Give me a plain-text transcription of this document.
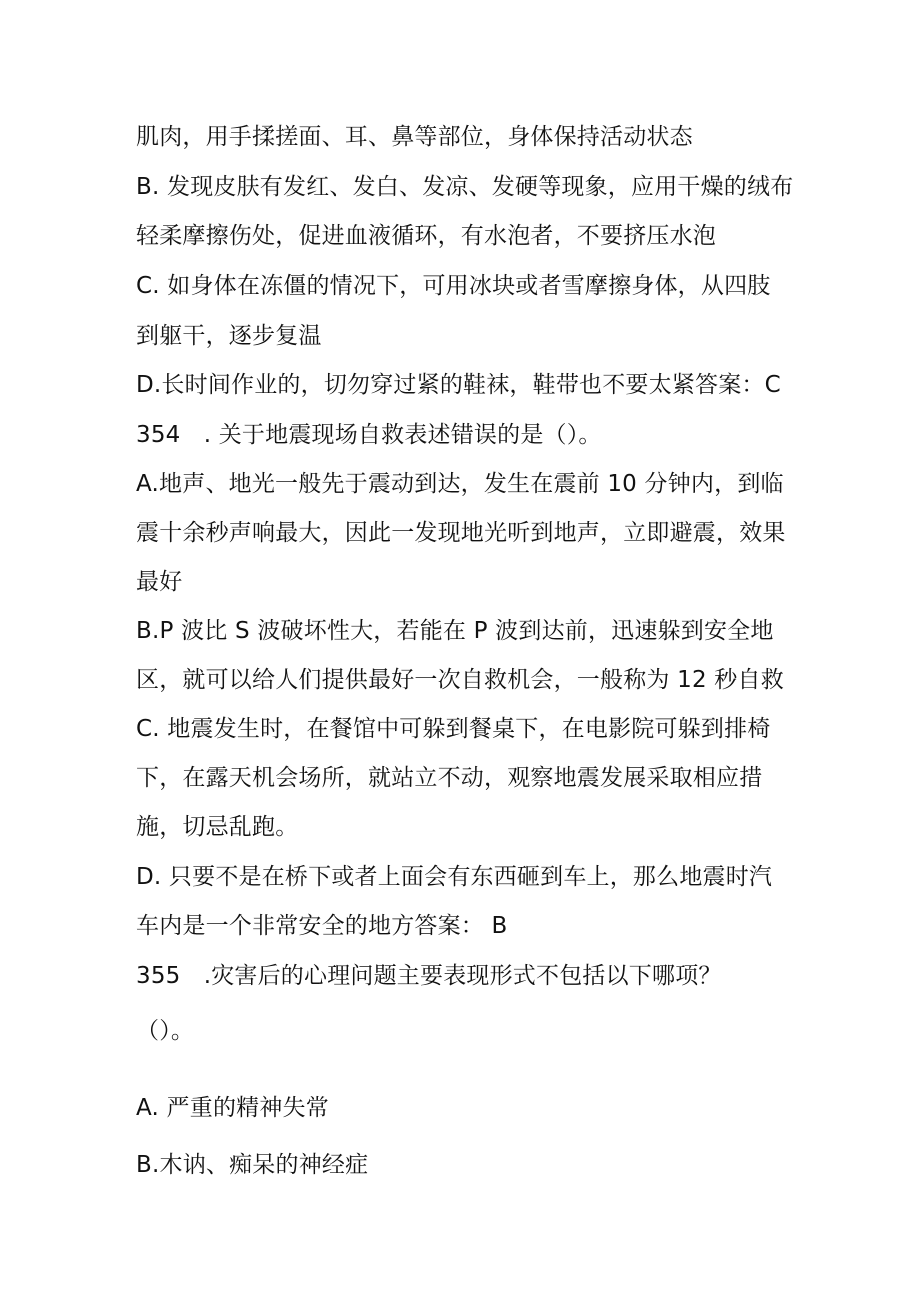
肌肉，用手揉搓面、耳、鼻等部位，身体保持活动状态
B. 发现皮肤有发红、发白、发凉、发硬等现象，应用干燥的绒布
轻柔摩擦伤处，促进血液循环，有水泡者，不要挤压水泡
C. 如身体在冻僵的情况下，可用冰块或者雪摩擦身体，从四肢
到躯干，逐步复温
D.长时间作业的，切勿穿过紧的鞋袜，鞋带也不要太紧答案：C
354　. 关于地震现场自救表述错误的是（）。
A.地声、地光一般先于震动到达，发生在震前 10 分钟内，到临
震十余秒声响最大，因此一发现地光听到地声，立即避震，效果
最好
B.P 波比 S 波破坏性大，若能在 P 波到达前，迅速躲到安全地
区，就可以给人们提供最好一次自救机会，一般称为 12 秒自救
C. 地震发生时，在餐馆中可躲到餐桌下，在电影院可躲到排椅
下，在露天机会场所，就站立不动，观察地震发展采取相应措
施，切忌乱跑。
D. 只要不是在桥下或者上面会有东西砸到车上，那么地震时汽
车内是一个非常安全的地方答案： B
355　.灾害后的心理问题主要表现形式不包括以下哪项？
（）。
A. 严重的精神失常
B.木讷、痴呆的神经症
